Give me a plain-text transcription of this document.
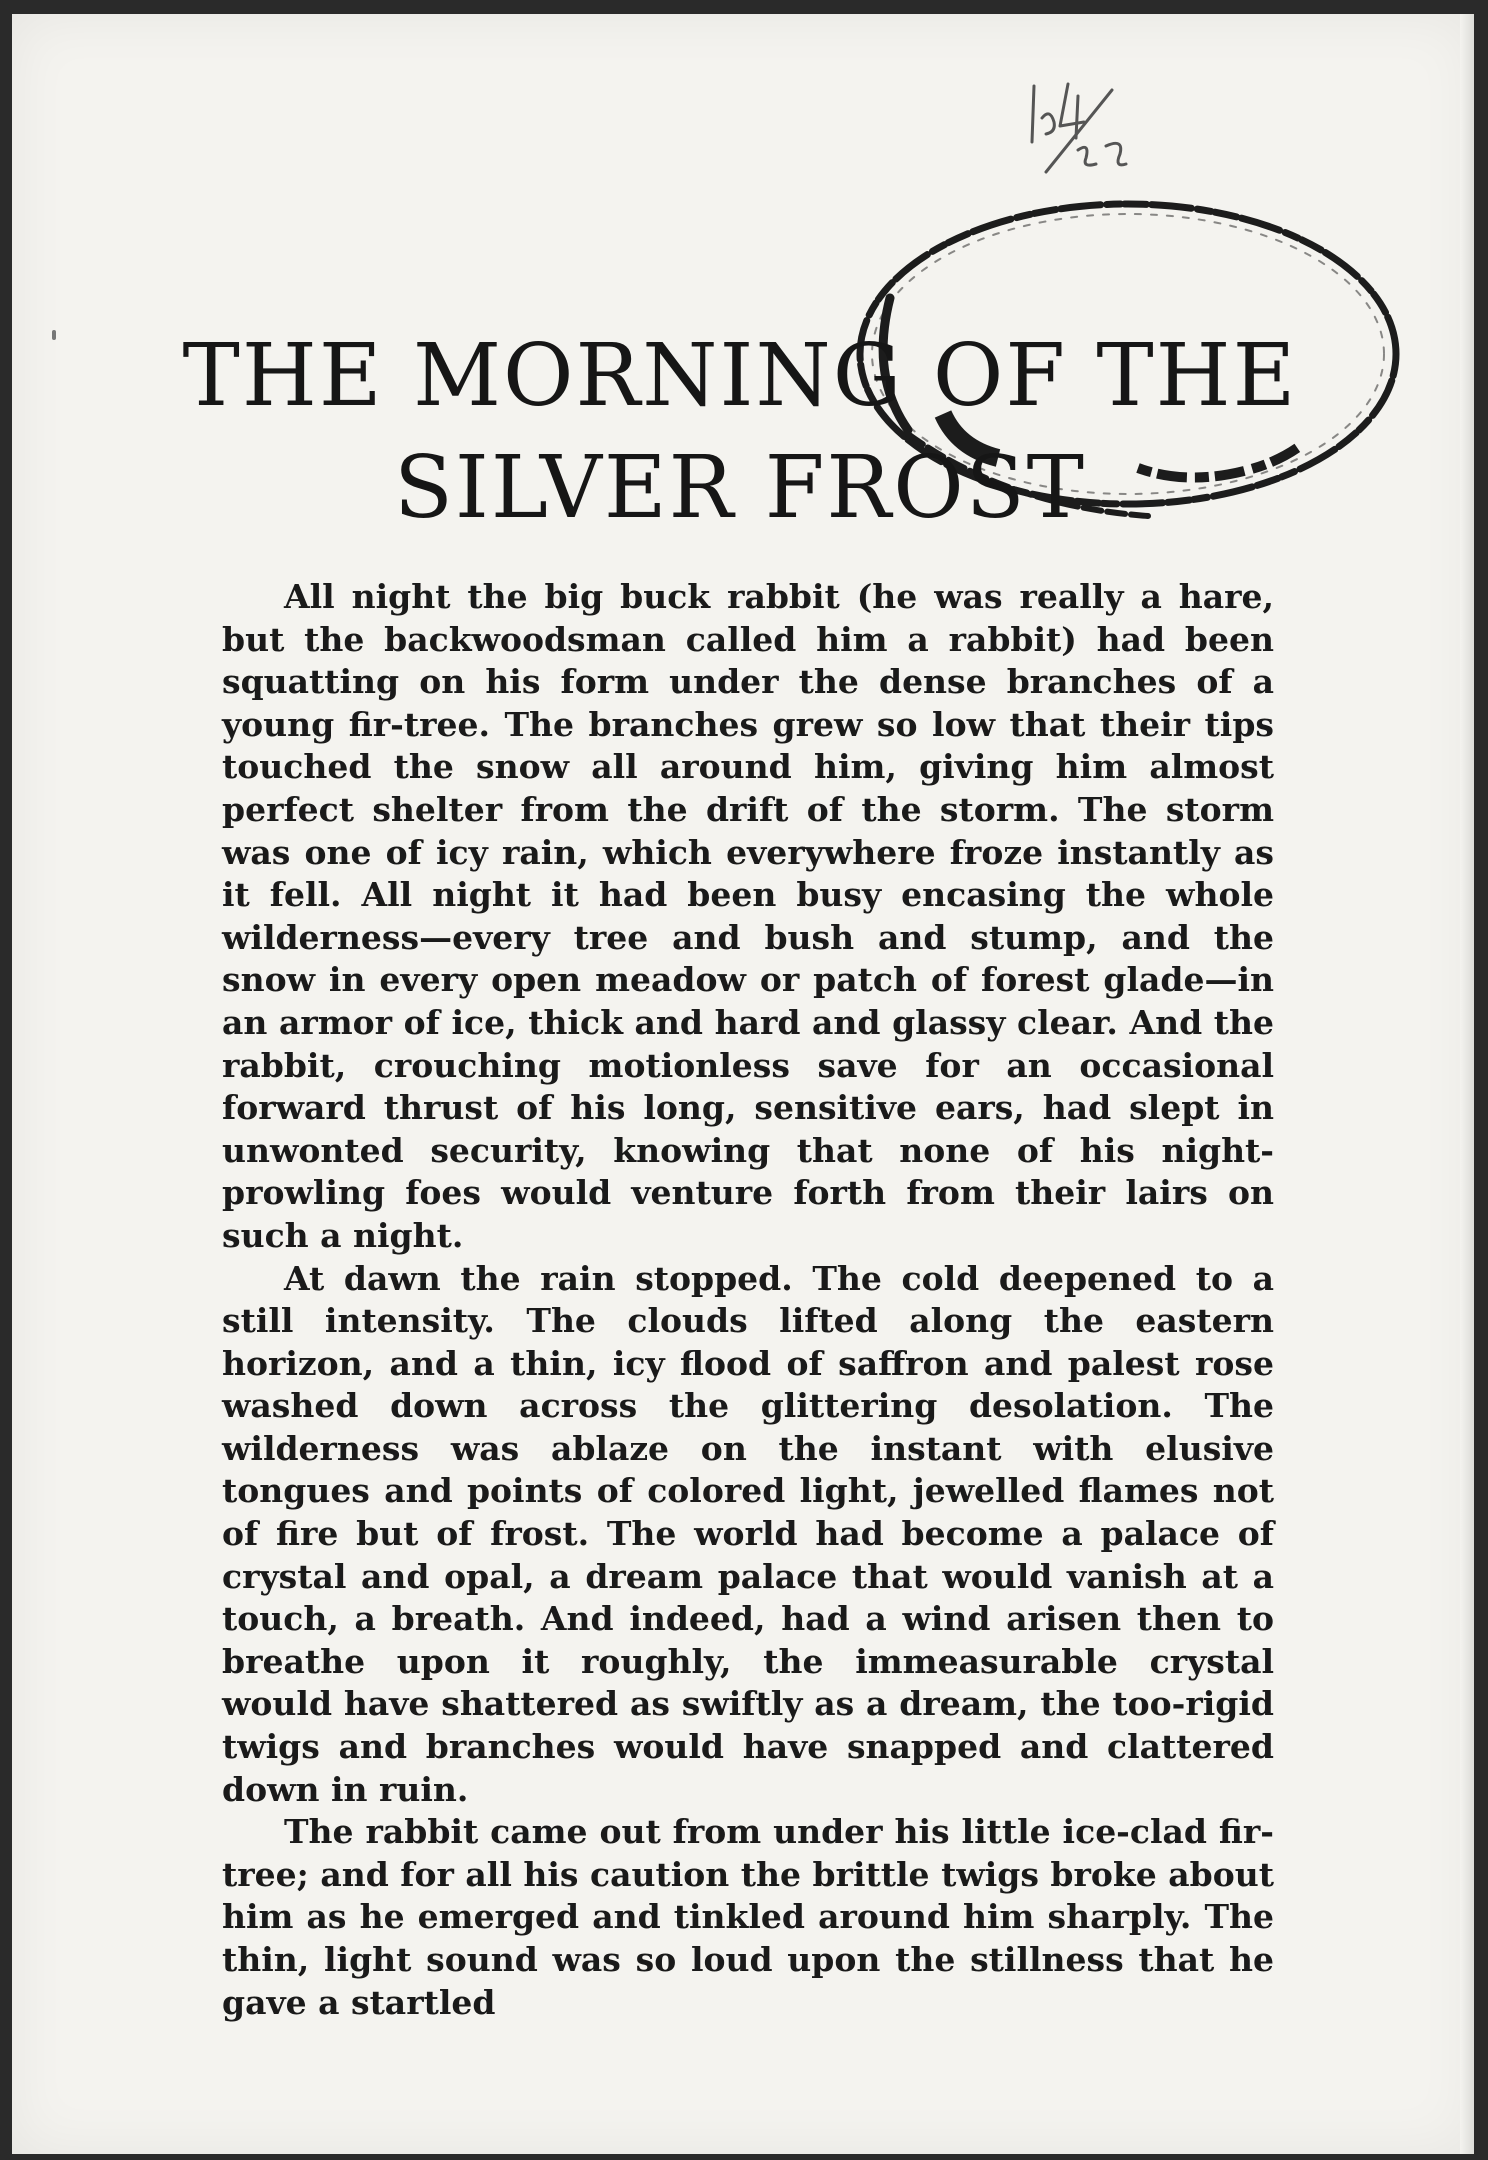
THE MORNING OF THE
SILVER FROST

All night the big buck rabbit (he was really a hare, but the backwoodsman called him a rabbit) had been squatting on his form under the dense branches of a young fir-tree. The branches grew so low that their tips touched the snow all around him, giving him almost perfect shelter from the drift of the storm. The storm was one of icy rain, which everywhere froze instantly as it fell. All night it had been busy encasing the whole wilderness—every tree and bush and stump, and the snow in every open meadow or patch of forest glade—in an armor of ice, thick and hard and glassy clear. And the rabbit, crouching motionless save for an occasional forward thrust of his long, sensitive ears, had slept in unwonted security, knowing that none of his night-prowling foes would venture forth from their lairs on such a night.

At dawn the rain stopped. The cold deepened to a still intensity. The clouds lifted along the eastern horizon, and a thin, icy flood of saffron and palest rose washed down across the glittering desolation. The wilderness was ablaze on the instant with elusive tongues and points of colored light, jewelled flames not of fire but of frost. The world had become a palace of crystal and opal, a dream palace that would vanish at a touch, a breath. And indeed, had a wind arisen then to breathe upon it roughly, the immeasurable crystal would have shattered as swiftly as a dream, the too-rigid twigs and branches would have snapped and clattered down in ruin.

The rabbit came out from under his little ice-clad fir-tree; and for all his caution the brittle twigs broke about him as he emerged and tinkled around him sharply. The thin, light sound was so loud upon the stillness that he gave a startled
